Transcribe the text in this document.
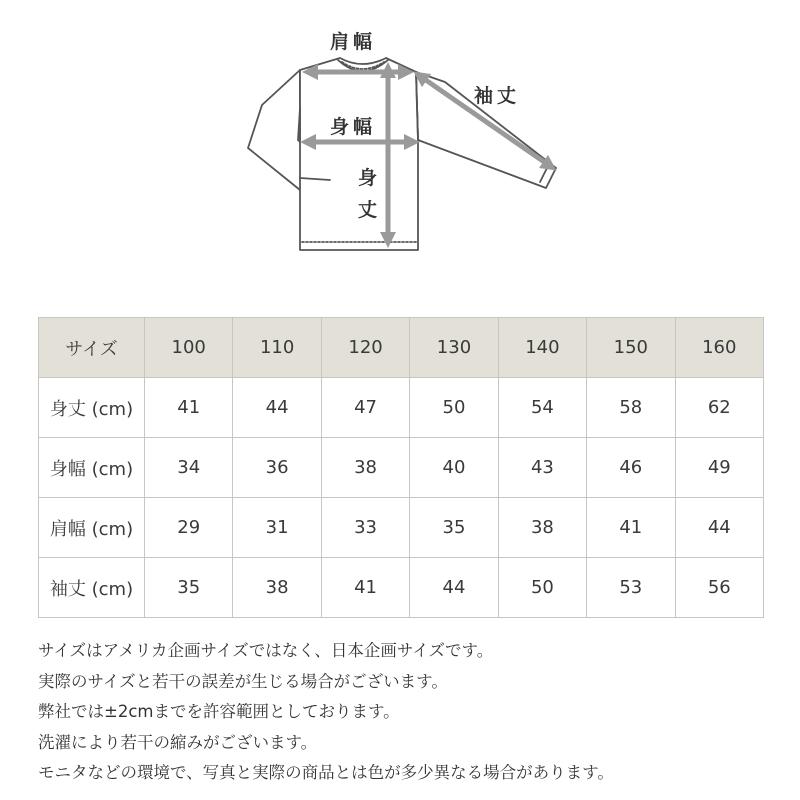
肩幅
袖丈
身幅
身
丈
サイズ	100	110	120	130	140	150	160
身丈 (cm)	41	44	47	50	54	58	62
身幅 (cm)	34	36	38	40	43	46	49
肩幅 (cm)	29	31	33	35	38	41	44
袖丈 (cm)	35	38	41	44	50	53	56
サイズはアメリカ企画サイズではなく、日本企画サイズです。
実際のサイズと若干の誤差が生じる場合がございます。
弊社では±2cmまでを許容範囲としております。
洗濯により若干の縮みがございます。
モニタなどの環境で、写真と実際の商品とは色が多少異なる場合があります。
